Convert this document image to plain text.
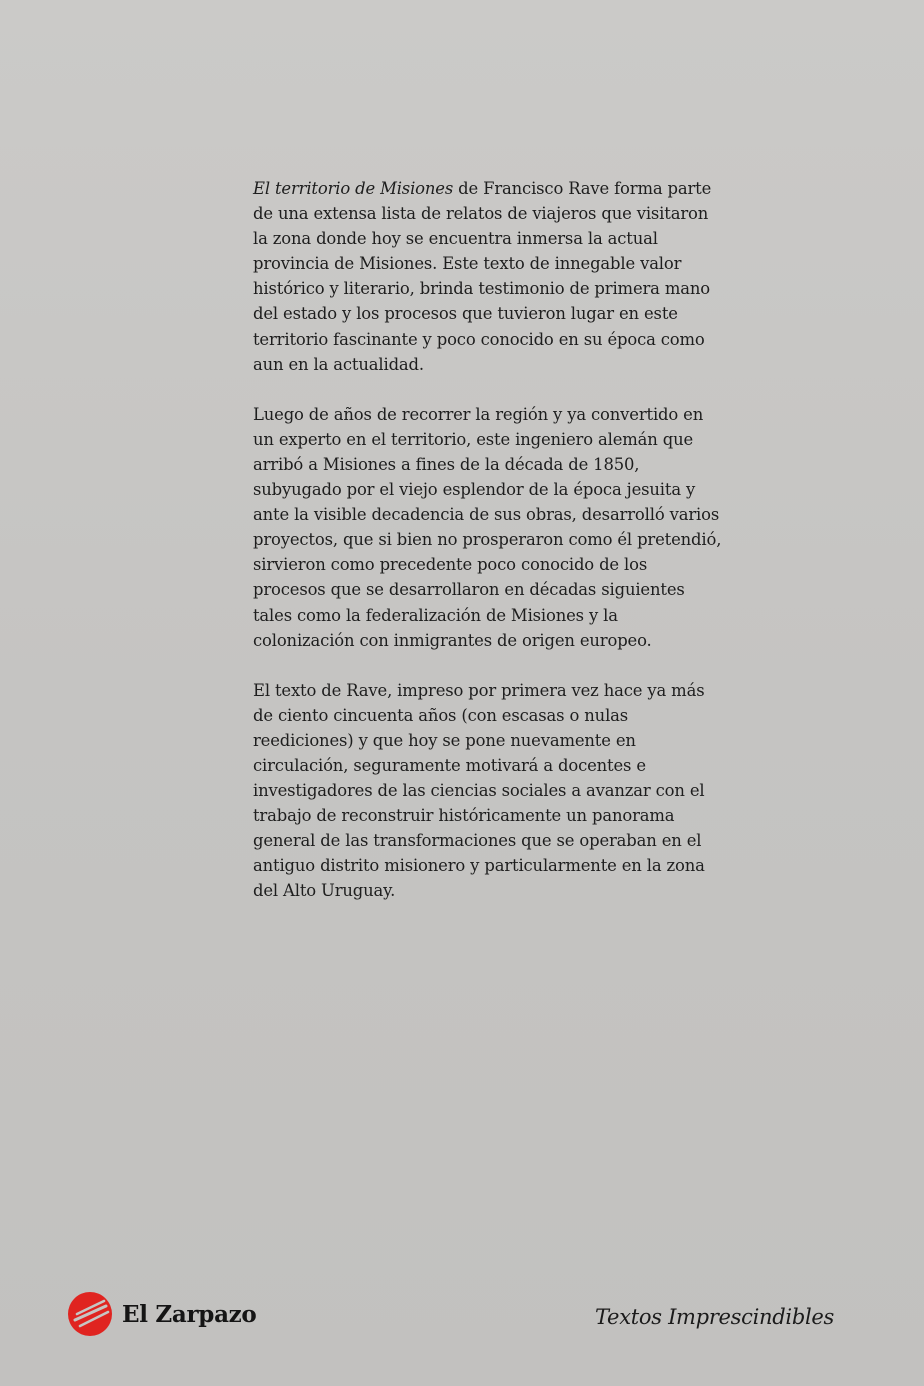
El territorio de Misiones de Francisco Rave forma parte de una extensa lista de relatos de viajeros que visitaron la zona donde hoy se encuentra inmersa la actual provincia de Misiones. Este texto de innegable valor histórico y literario, brinda testimonio de primera mano del estado y los procesos que tuvieron lugar en este territorio fascinante y poco conocido en su época como aun en la actualidad.

Luego de años de recorrer la región y ya convertido en un experto en el territorio, este ingeniero alemán que arribó a Misiones a fines de la década de 1850, subyugado por el viejo esplendor de la época jesuita y ante la visible decadencia de sus obras, desarrolló varios proyectos, que si bien no prosperaron como él pretendió, sirvieron como precedente poco conocido de los procesos que se desarrollaron en décadas siguientes tales como la federalización de Misiones y la colonización con inmigrantes de origen europeo.

El texto de Rave, impreso por primera vez hace ya más de ciento cincuenta años (con escasas o nulas reediciones) y que hoy se pone nuevamente en circulación, seguramente motivará a docentes e investigadores de las ciencias sociales a avanzar con el trabajo de reconstruir históricamente un panorama general de las transformaciones que se operaban en el antiguo distrito misionero y particularmente en la zona del Alto Uruguay.

El Zarpazo	Textos Imprescindibles
